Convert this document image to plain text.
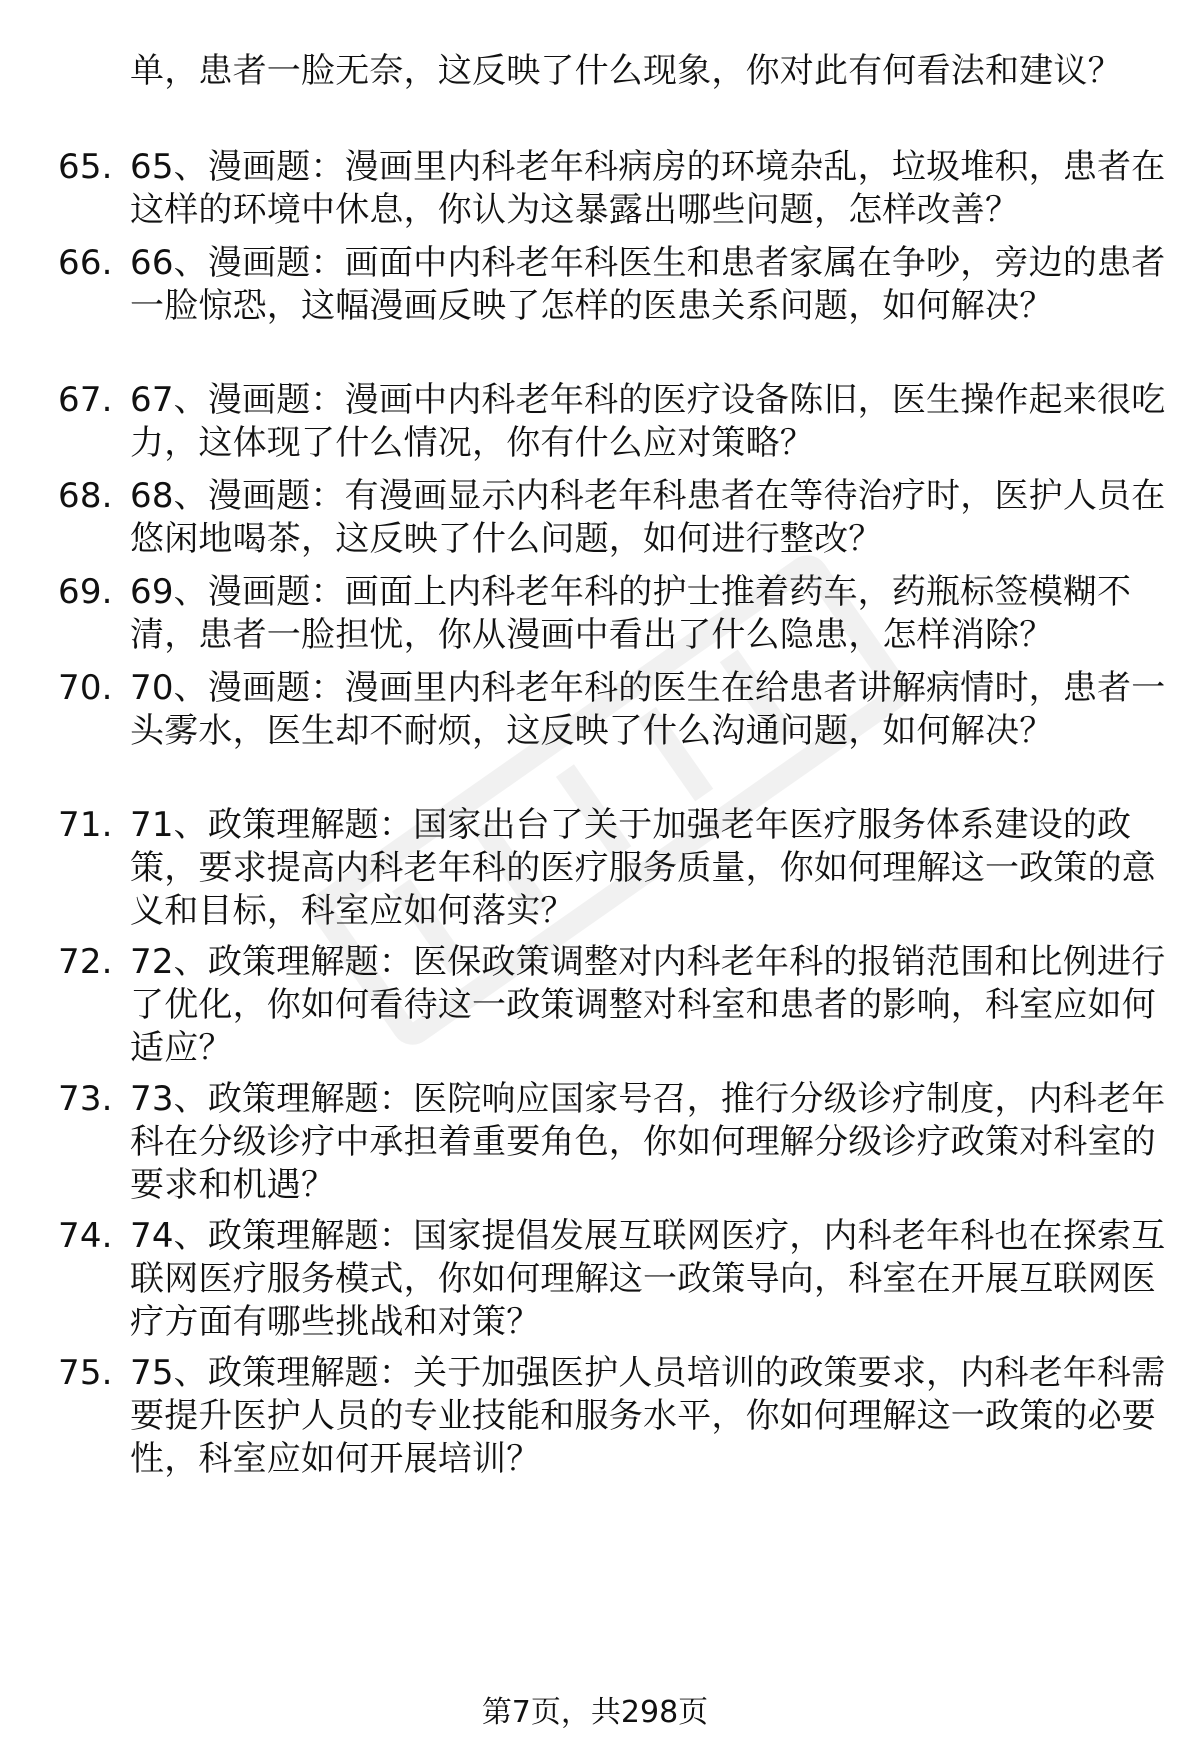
单，患者一脸无奈，这反映了什么现象，你对此有何看法和建议？
65. 65、漫画题：漫画里内科老年科病房的环境杂乱，垃圾堆积，患者在这样的环境中休息，你认为这暴露出哪些问题，怎样改善？
66. 66、漫画题：画面中内科老年科医生和患者家属在争吵，旁边的患者一脸惊恐，这幅漫画反映了怎样的医患关系问题，如何解决？
67. 67、漫画题：漫画中内科老年科的医疗设备陈旧，医生操作起来很吃力，这体现了什么情况，你有什么应对策略？
68. 68、漫画题：有漫画显示内科老年科患者在等待治疗时，医护人员在悠闲地喝茶，这反映了什么问题，如何进行整改？
69. 69、漫画题：画面上内科老年科的护士推着药车，药瓶标签模糊不清，患者一脸担忧，你从漫画中看出了什么隐患，怎样消除？
70. 70、漫画题：漫画里内科老年科的医生在给患者讲解病情时，患者一头雾水，医生却不耐烦，这反映了什么沟通问题，如何解决？
71. 71、政策理解题：国家出台了关于加强老年医疗服务体系建设的政策，要求提高内科老年科的医疗服务质量，你如何理解这一政策的意义和目标，科室应如何落实？
72. 72、政策理解题：医保政策调整对内科老年科的报销范围和比例进行了优化，你如何看待这一政策调整对科室和患者的影响，科室应如何适应？
73. 73、政策理解题：医院响应国家号召，推行分级诊疗制度，内科老年科在分级诊疗中承担着重要角色，你如何理解分级诊疗政策对科室的要求和机遇？
74. 74、政策理解题：国家提倡发展互联网医疗，内科老年科也在探索互联网医疗服务模式，你如何理解这一政策导向，科室在开展互联网医疗方面有哪些挑战和对策？
75. 75、政策理解题：关于加强医护人员培训的政策要求，内科老年科需要提升医护人员的专业技能和服务水平，你如何理解这一政策的必要性，科室应如何开展培训？
第7页，共298页
